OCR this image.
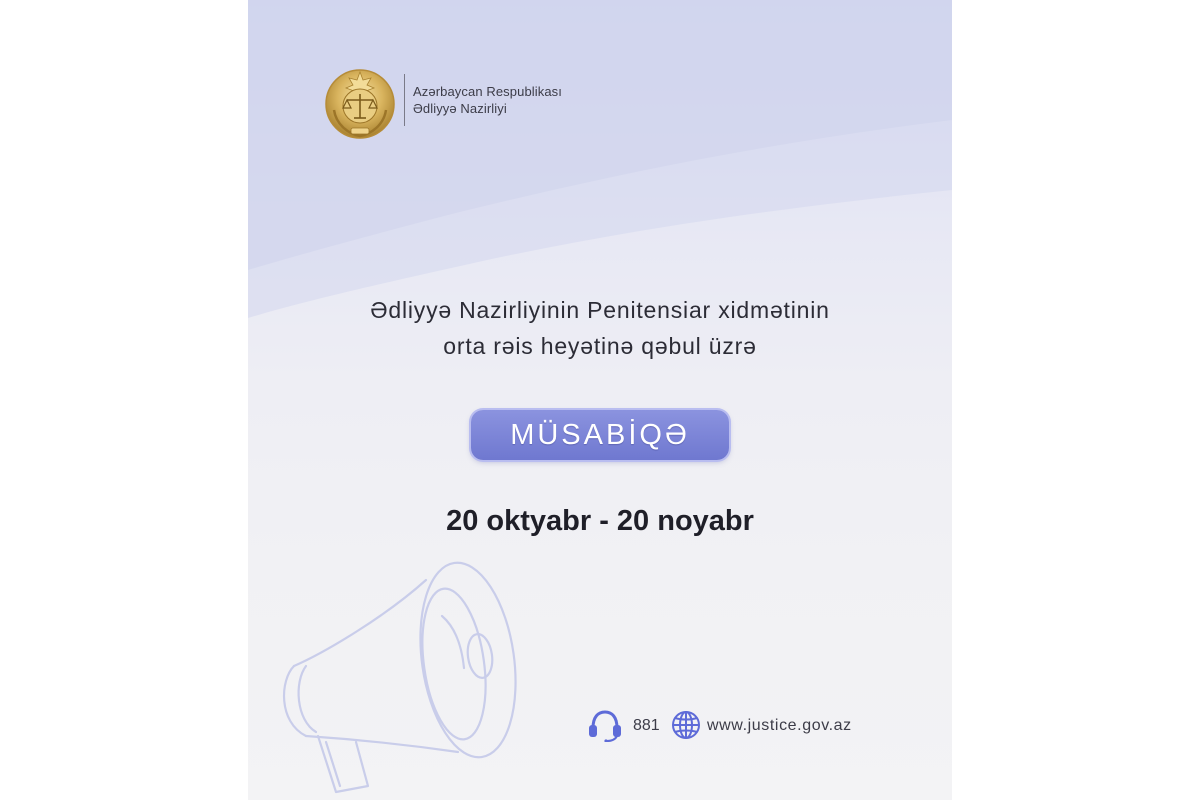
Azərbaycan Respublikası
Ədliyyə Nazirliyi
Ədliyyə Nazirliyinin Penitensiar xidmətinin
orta rəis heyətinə qəbul üzrə
MÜSABİQƏ
20 oktyabr - 20 noyabr
881	www.justice.gov.az
